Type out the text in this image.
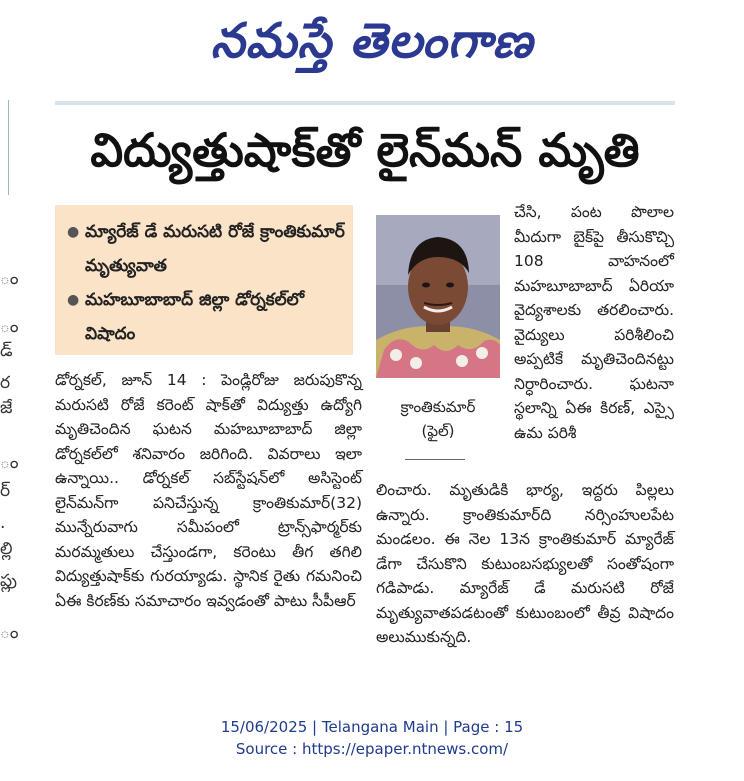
నమస్తే తెలంగాణ
ం
ం
డ్
ర
జే
ం
ర్
.
ల్లి
ప్లు
ం
విద్యుత్తుషాక్‌తో లైన్‌మన్ మృతి
● మ్యారేజ్ డే మరుసటి రోజే క్రాంతికుమార్ మృత్యువాత
● మహబూబాబాద్ జిల్లా డోర్నకల్‌లో విషాదం
క్రాంతికుమార్
(ఫైల్)
డోర్నకల్, జూన్ 14 : పెండ్లిరోజు జరుపుకొన్న మరుసటి రోజే కరెంట్ షాక్‌తో విద్యుత్తు ఉద్యోగి మృతిచెందిన ఘటన మహబూబాబాద్ జిల్లా డోర్నకల్‌లో శనివారం జరిగింది. వివరాలు ఇలా ఉన్నాయి.. డోర్నకల్ సబ్‌స్టేషన్‌లో అసిస్టెంట్ లైన్‌మన్‌గా పనిచేస్తున్న క్రాంతికుమార్(32) మున్నేరువాగు సమీపంలో ట్రాన్స్‌ఫార్మర్‌కు మరమ్మతులు చేస్తుండగా, కరెంటు తీగ తగిలి విద్యుత్తుషాక్‌కు గురయ్యాడు. స్థానిక రైతు గమనించి ఏఈ కిరణ్‌కు సమాచారం ఇవ్వడంతో పాటు సీపీఆర్
చేసి, పంట పొలాల మీదుగా బైక్‌పై తీసుకొచ్చి 108 వాహనంలో మహబూబాబాద్ ఏరియా వైద్యశాలకు తరలించారు. వైద్యులు పరిశీలించి అప్పటికే మృతిచెందినట్టు నిర్ధారించారు. ఘటనా స్థలాన్ని ఏఈ కిరణ్, ఎస్సై ఉమ పరిశీ
లించారు. మృతుడికి భార్య, ఇద్దరు పిల్లలు ఉన్నారు. క్రాంతికుమార్‌ది నర్సింహులపేట మండలం. ఈ నెల 13న క్రాంతికుమార్ మ్యారేజ్ డేగా చేసుకొని కుటుంబసభ్యులతో సంతోషంగా గడిపాడు. మ్యారేజ్ డే మరుసటి రోజే మృత్యువాతపడటంతో కుటుంబంలో తీవ్ర విషాదం అలుముకున్నది.
15/06/2025 | Telangana Main | Page : 15
Source : https://epaper.ntnews.com/
